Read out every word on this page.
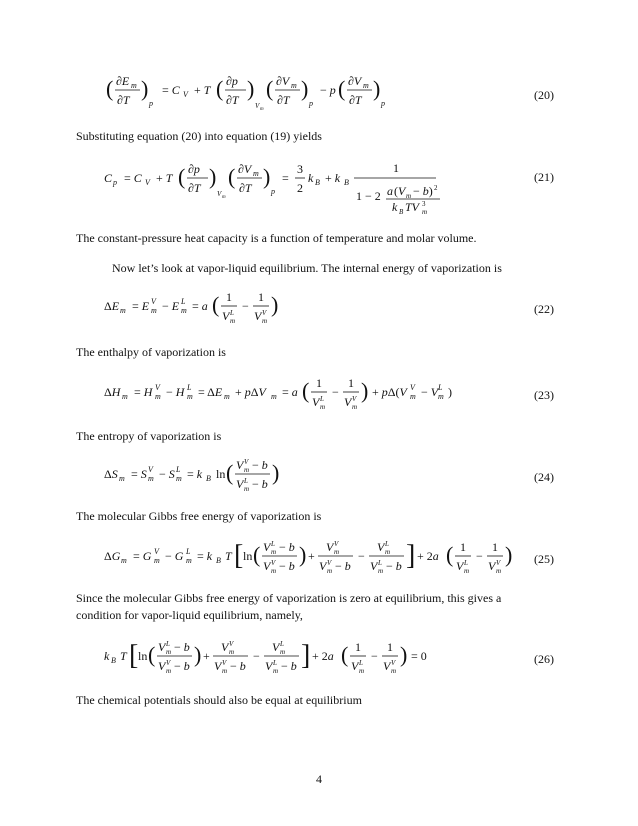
( ∂E m
∂T )
p
= C V + T ( ∂p
∂T )
V m
( ∂V m
∂T )
p
− p ( ∂V m
∂T )
p
(20)

Substituting equation (20) into equation (19) yields

C p = C V + T ( ∂p
∂T )
V m
( ∂V m
∂T )
p
=
3
2
k B + k B
1
1 − 2 a ( V m − b) 2
k B TV m
3
(21)

The constant-pressure heat capacity is a function of temperature and molar volume.

Now let’s look at vapor-liquid equilibrium. The internal energy of vaporization is

ΔE m = E m
V − E m
L = a ( 1
V L
m
−
1
V V
m
)	(22)

The enthalpy of vaporization is

ΔH m = H m
V − H m
L = ΔE m + pΔV m = a ( 1
V L
m
−
1
V V
m
) + pΔ(V m
V − V m
L )	(23)

The entropy of vaporization is

ΔS m = S m
V − S m
L = k B ln ( V V
m − b
V L
m − b )	(24)

The molecular Gibbs free energy of vaporization is

ΔG m = G m
V − G m
L = k B T [ ln ( V L
m − b
V V
m − b ) +
V V
m
V V
m − b
−
V L
m
V L
m − b ] + 2a ( 1
V L
m
−
1
V V
m
) (25)

Since the molecular Gibbs free energy of vaporization is zero at equilibrium, this gives a

condition for vapor-liquid equilibrium, namely,

k B T [ ln ( V L
m − b
V V
m − b ) +
V V
m
V V
m − b
−
V L
m
V L
m − b ] + 2a ( 1
V L
m
−
1
V V
m
) = 0	(26)

The chemical potentials should also be equal at equilibrium

4
